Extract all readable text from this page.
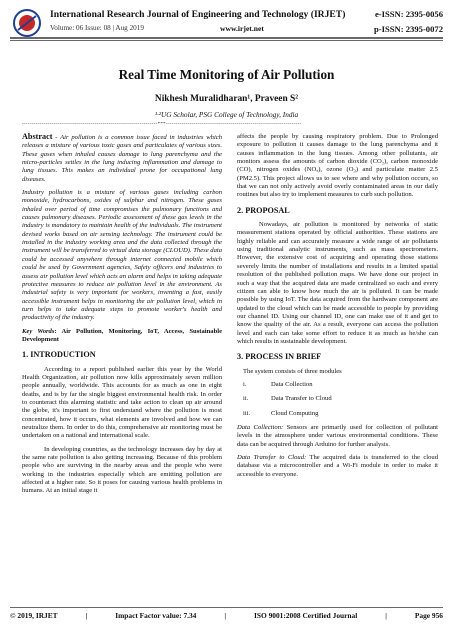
International Research Journal of Engineering and Technology (IRJET)	e-ISSN: 2395-0056
Volume: 06 Issue: 08 | Aug 2019	www.irjet.net	p-ISSN: 2395-0072
Real Time Monitoring of Air Pollution
Nikhesh Muralidharan¹, Praveen S²
¹·²UG Scholar, PSG College of Technology, India
---------------------------------------------------------------------***---------------------------------------------------------------------

Abstract - Air pollution is a common issue faced in industries which releases a mixture of various toxic gases and particulates of various sizes. These gases when inhaled causes damage to lung parenchyma and the micro-particles settles in the lung inducing inflammation and damage to lung tissues. This makes an individual prone for occupational lung diseases.

Industry pollution is a mixture of various gases including carbon monoxide, hydrocarbons, oxides of sulphur and nitrogen. These gases inhaled over period of time compromises the pulmonary functions and causes pulmonary diseases. Periodic assessment of these gas levels in the industry is mandatory to maintain health of the individuals. The instrument devised works based on air sensing technology. The instrument could be installed in the industry working area and the data collected through the instrument will be transferred to virtual data storage (CLOUD). These data could be accessed anywhere through internet connected mobile which could be used by Government agencies, Safety officers and industries to assess air pollution level which acts an alarm and helps in taking adequate protective measures to reduce air pollution level in the environment. As industrial safety is very important for workers, inventing a fast, easily accessible instrument helps in monitoring the air pollution level, which in turn helps to take adequate steps to promote worker's health and productivity of the industry.

Key Words: Air Pollution, Monitoring, IoT, Access, Sustainable Development

1. INTRODUCTION

According to a report published earlier this year by the World Health Organization, air pollution now kills approximately seven million people annually, worldwide. This accounts for as much as one in eight deaths, and is by far the single biggest environmental health risk. In order to counteract this alarming statistic and take action to clean up air around the globe, it's important to first understand where the pollution is most concentrated, how it occurs, what elements are involved and how we can neutralize them. In order to do this, comprehensive air monitoring must be undertaken on a national and international scale.

In developing countries, as the technology increases day by day at the same rate pollution is also getting increasing. Because of this problem people who are surviving in the nearby areas and the people who were working in the industries especially which are emitting pollution are affected at a higher rate. So it poses for causing various health problems in humans. At an initial stage it

affects the people by causing respiratory problem. Due to Prolonged exposure to pollution it causes damage to the lung parenchyma and it causes inflammation in the lung tissues. Among other pollutants, air monitors assess the amounts of carbon dioxide (CO₂), carbon monoxide (CO), nitrogen oxides (NOₓ), ozone (O₃) and particulate matter 2.5 (PM2.5). This project allows us to see where and why pollution occurs, so that we can not only actively avoid overly contaminated areas in our daily routines but also try to implement measures to curb such pollution.

2. PROPOSAL

Nowadays, air pollution is monitored by networks of static measurement stations operated by official authorities. These stations are highly reliable and can accurately measure a wide range of air pollutants using traditional analytic instruments, such as mass spectrometers. However, the extensive cost of acquiring and operating those stations severely limits the number of installations and results in a limited spatial resolution of the published pollution maps. We have done our project in such a way that the acquired data are made centralized so each and every citizen can able to know how much the air is polluted. It can be made possible by using IoT. The data acquired from the hardware component are updated to the cloud which can be made accessible to people by providing our channel ID. Using our channel ID, one can make use of it and get to know the quality of the air. As a result, everyone can access the pollution level and each can take some effort to reduce it as much as he/she can which results in sustainable development.

3. PROCESS IN BRIEF

The system consists of three modules

i.	Data Collection
ii.	Data Transfer to Cloud
iii.	Cloud Computing

Data Collection: Sensors are primarily used for collection of pollutant levels in the atmosphere under various environmental conditions. These data can be acquired through Arduino for further analysis.

Data Transfer to Cloud: The acquired data is transferred to the cloud database via a microcontroller and a Wi-Fi module in order to make it accessible to everyone.

© 2019, IRJET	|	Impact Factor value: 7.34	|	ISO 9001:2008 Certified Journal	|	Page 956
